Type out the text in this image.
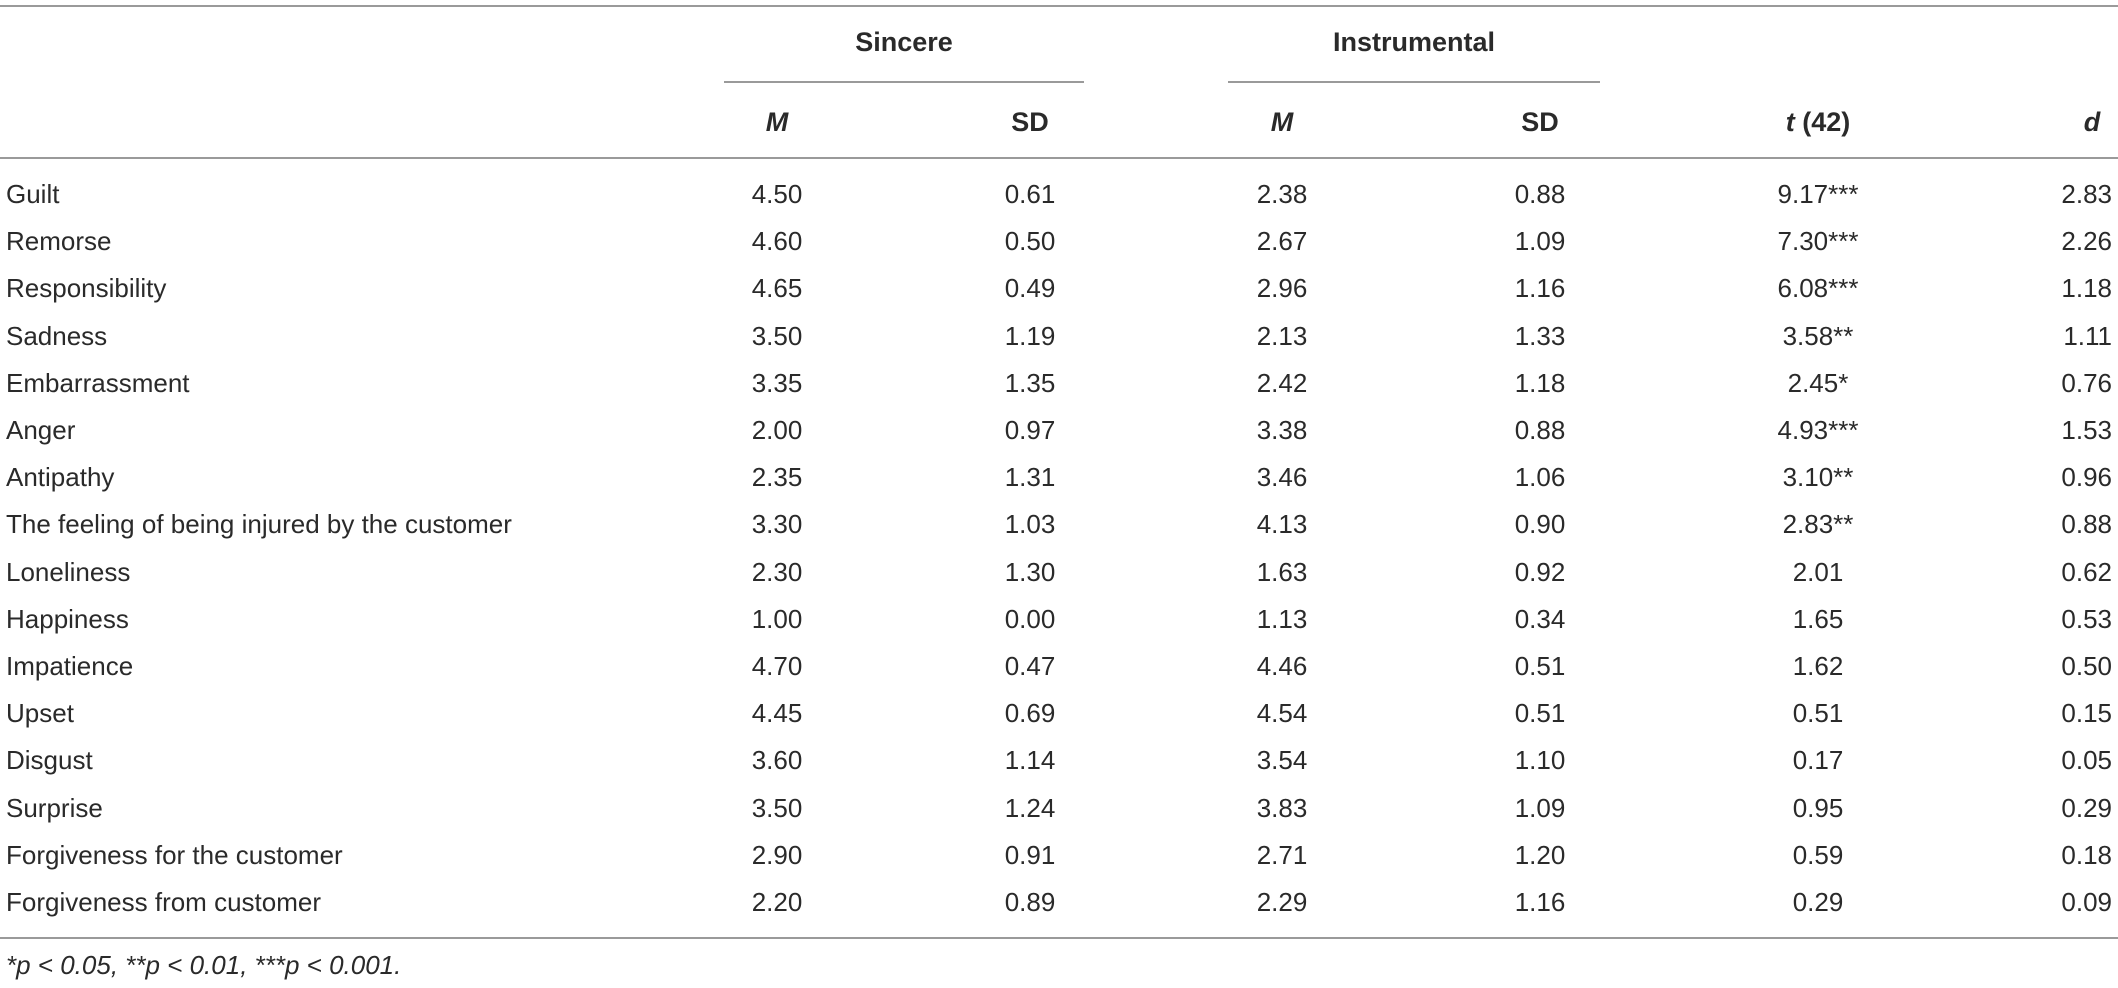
Sincere	Instrumental
M	SD	M	SD	t (42)	d
Guilt	4.50	0.61	2.38	0.88	9.17***	2.83
Remorse	4.60	0.50	2.67	1.09	7.30***	2.26
Responsibility	4.65	0.49	2.96	1.16	6.08***	1.18
Sadness	3.50	1.19	2.13	1.33	3.58**	1.11
Embarrassment	3.35	1.35	2.42	1.18	2.45*	0.76
Anger	2.00	0.97	3.38	0.88	4.93***	1.53
Antipathy	2.35	1.31	3.46	1.06	3.10**	0.96
The feeling of being injured by the customer	3.30	1.03	4.13	0.90	2.83**	0.88
Loneliness	2.30	1.30	1.63	0.92	2.01	0.62
Happiness	1.00	0.00	1.13	0.34	1.65	0.53
Impatience	4.70	0.47	4.46	0.51	1.62	0.50
Upset	4.45	0.69	4.54	0.51	0.51	0.15
Disgust	3.60	1.14	3.54	1.10	0.17	0.05
Surprise	3.50	1.24	3.83	1.09	0.95	0.29
Forgiveness for the customer	2.90	0.91	2.71	1.20	0.59	0.18
Forgiveness from customer	2.20	0.89	2.29	1.16	0.29	0.09
*p < 0.05, **p < 0.01, ***p < 0.001.
